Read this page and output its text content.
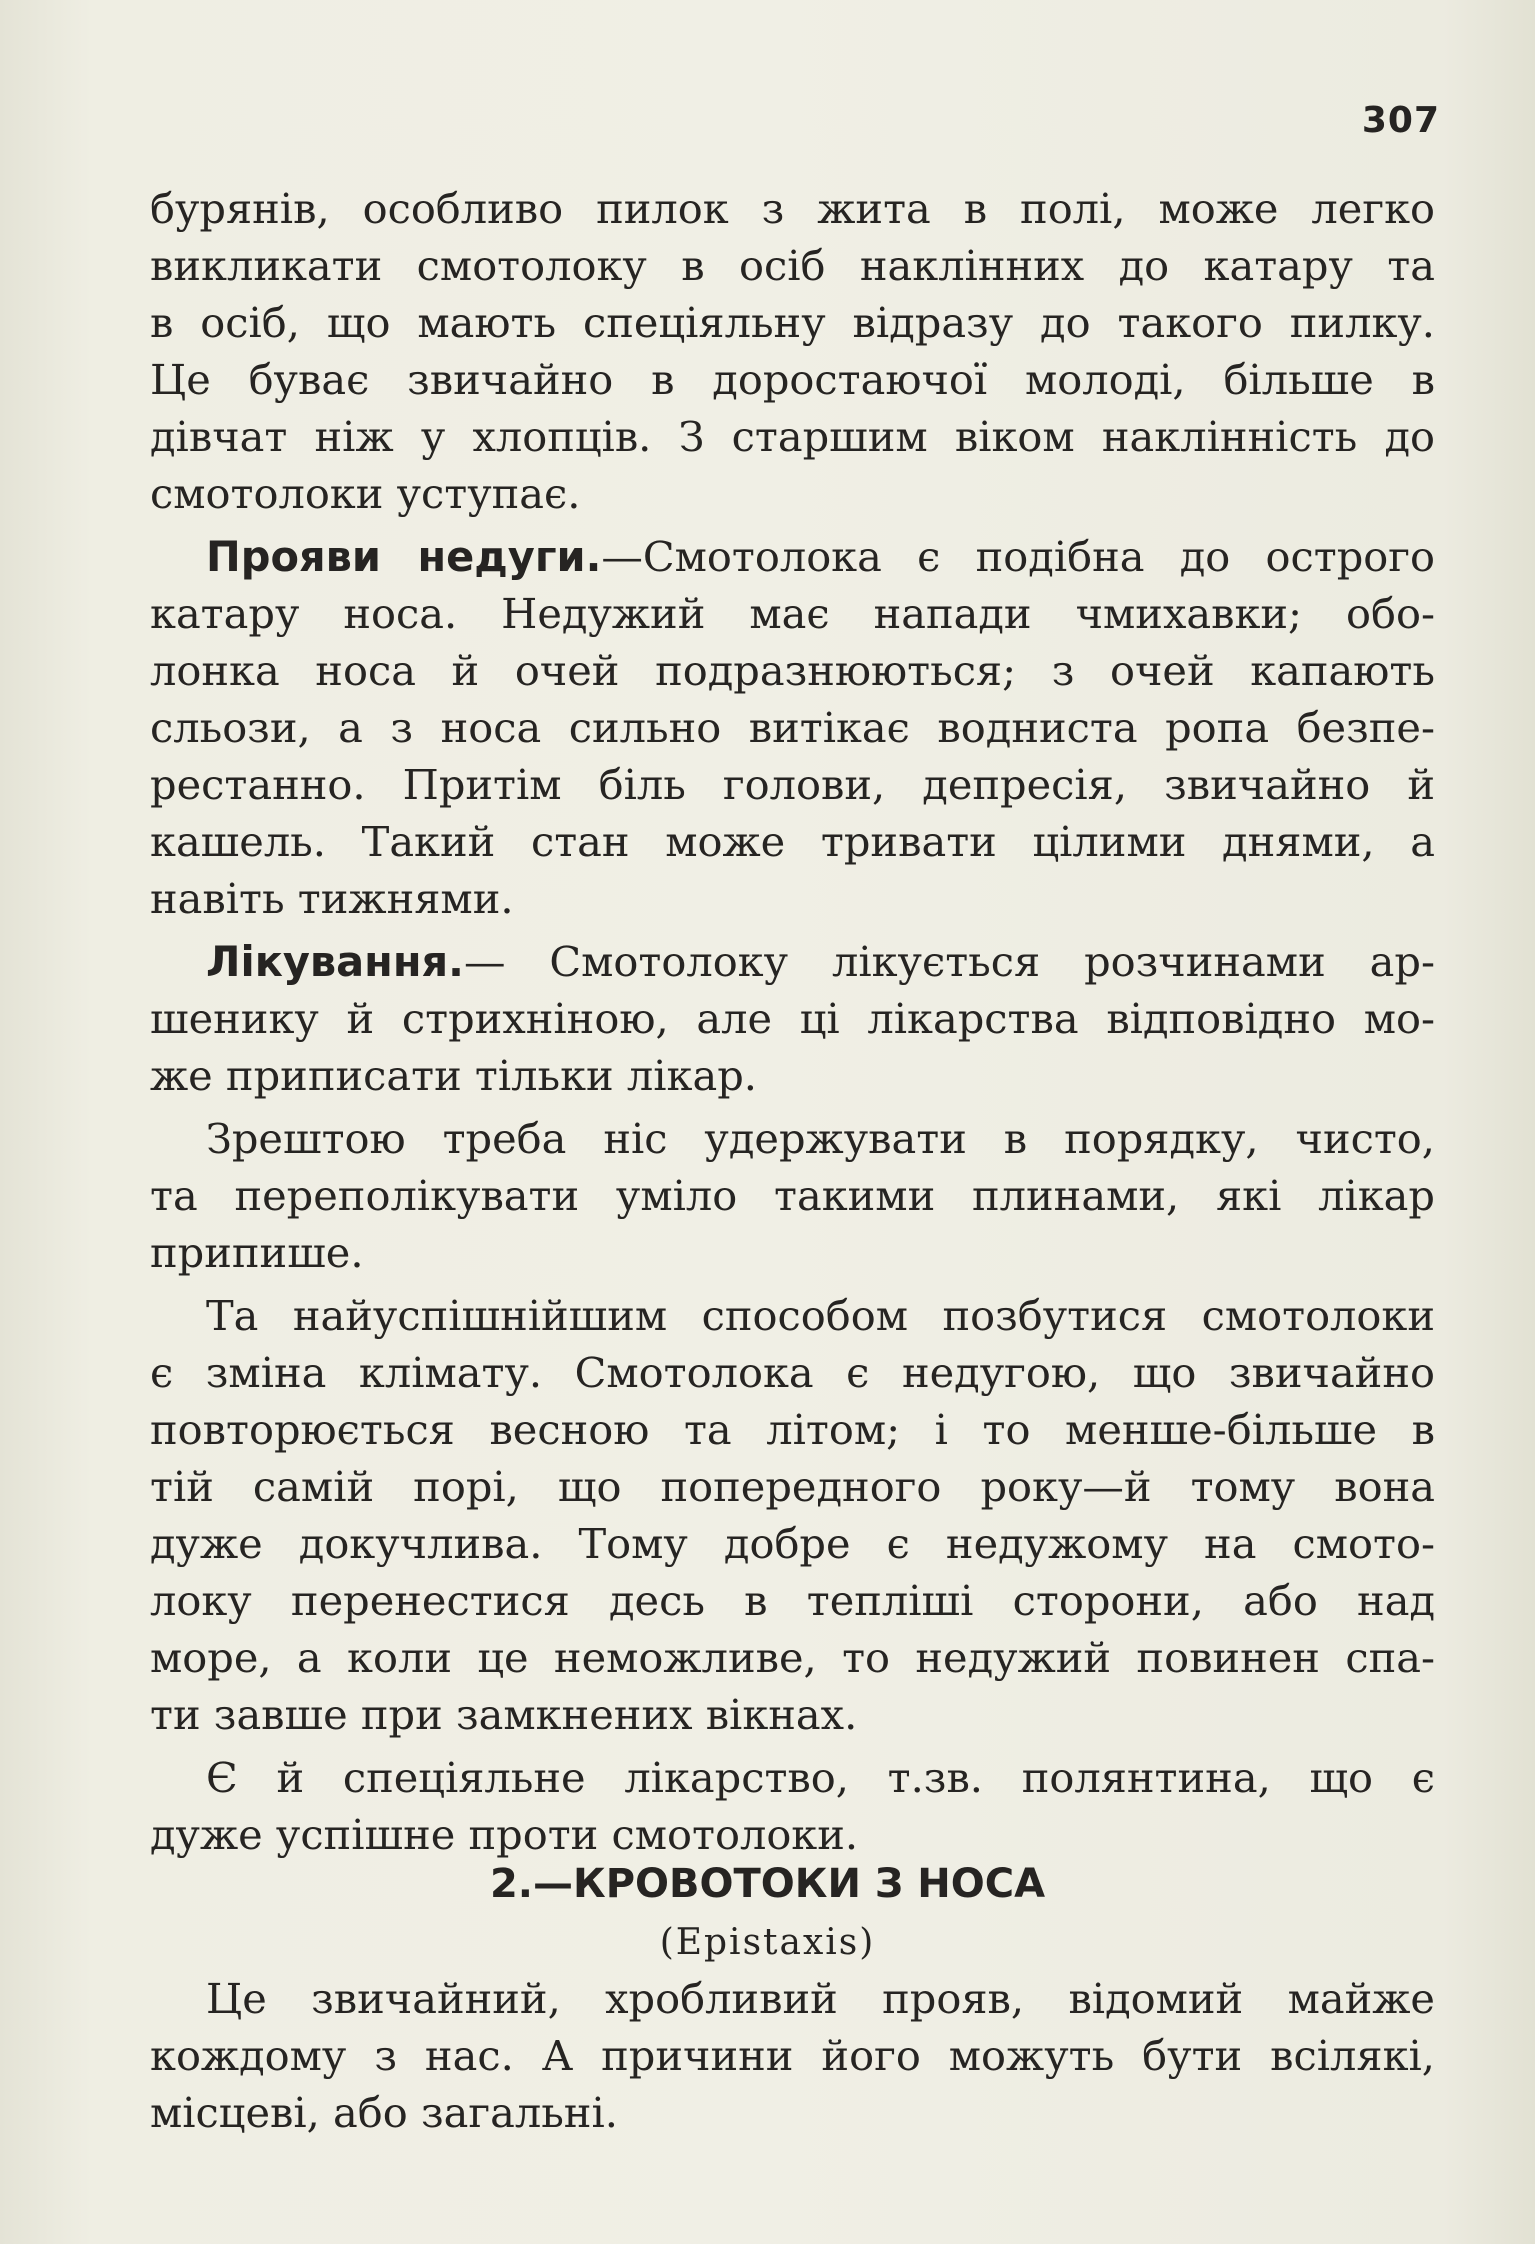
307
бурянів, особливо пилок з жита в полі, може легко
викликати смотолоку в осіб наклінних до катару та
в осіб, що мають спеціяльну відразу до такого пилку.
Це буває звичайно в доростаючої молоді, більше в
дівчат ніж у хлопців. З старшим віком наклінність до
смотолоки уступає.
Прояви недуги.—Смотолока є подібна до острого
катару носа. Недужий має напади чмихавки; обо-
лонка носа й очей подразнюються; з очей капають
сльози, а з носа сильно витікає водниста ропа безпе-
рестанно. Притім біль голови, депресія, звичайно й
кашель. Такий стан може тривати цілими днями, а
навіть тижнями.
Лікування.— Смотолоку лікується розчинами ар-
шенику й стрихніною, але ці лікарства відповідно мо-
же приписати тільки лікар.
Зрештою треба ніс удержувати в порядку, чисто,
та переполікувати уміло такими плинами, які лікар
припише.
Та найуспішнійшим способом позбутися смотолоки
є зміна клімату. Смотолока є недугою, що звичайно
повторюється весною та літом; і то менше-більше в
тій самій порі, що попередного року—й тому вона
дуже докучлива. Тому добре є недужому на смото-
локу перенестися десь в тепліші сторони, або над
море, а коли це неможливе, то недужий повинен спа-
ти завше при замкнених вікнах.
Є й спеціяльне лікарство, т.зв. полянтина, що є
дуже успішне проти смотолоки.
2.—КРОВОТОКИ З НОСА
(Epistaxis)
Це звичайний, хробливий прояв, відомий майже
кождому з нас. А причини його можуть бути всілякі,
місцеві, або загальні.
